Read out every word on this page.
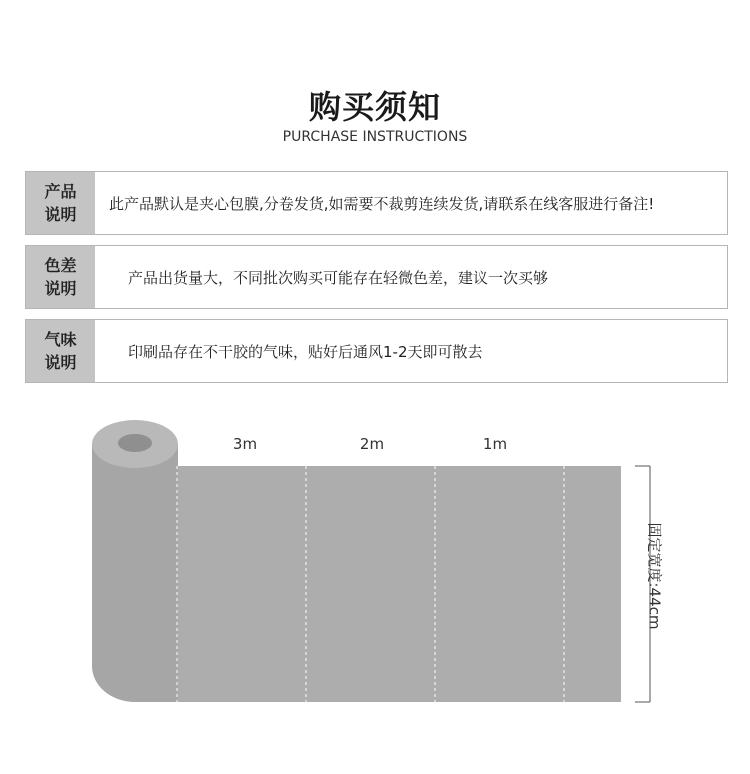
购买须知
PURCHASE INSTRUCTIONS
产品
说明
此产品默认是夹心包膜,分卷发货,如需要不裁剪连续发货,请联系在线客服进行备注!
色差
说明
产品出货量大，不同批次购买可能存在轻微色差，建议一次买够
气味
说明
印刷品存在不干胶的气味，贴好后通风1-2天即可散去
3m	2m	1m
固定宽度:44cm
